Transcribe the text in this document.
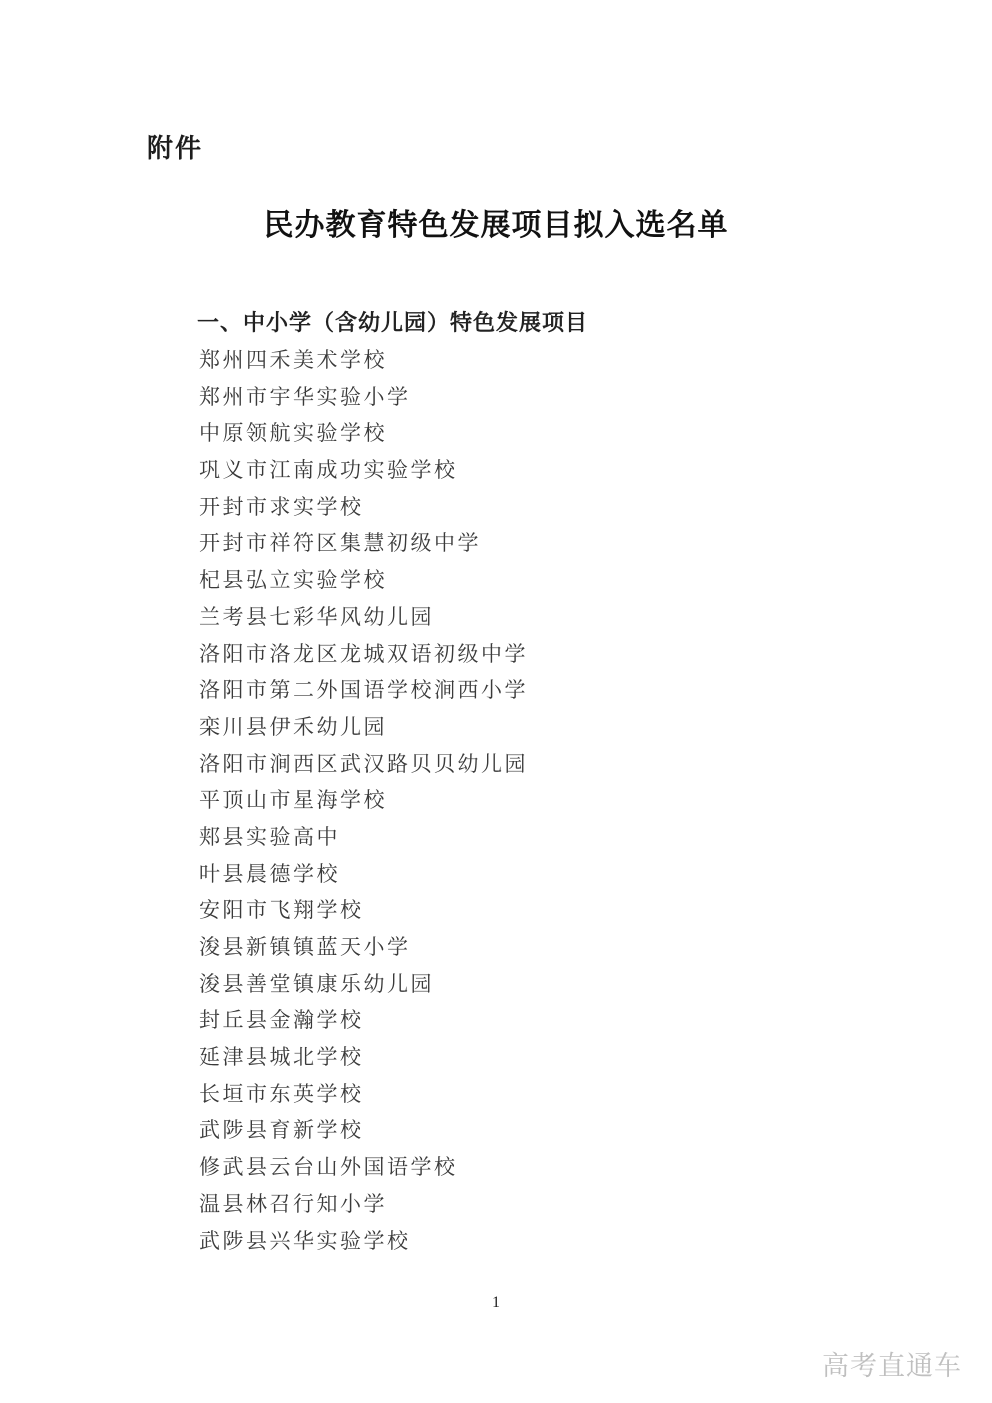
附件
民办教育特色发展项目拟入选名单
一、中小学（含幼儿园）特色发展项目
郑州四禾美术学校
郑州市宇华实验小学
中原领航实验学校
巩义市江南成功实验学校
开封市求实学校
开封市祥符区集慧初级中学
杞县弘立实验学校
兰考县七彩华风幼儿园
洛阳市洛龙区龙城双语初级中学
洛阳市第二外国语学校涧西小学
栾川县伊禾幼儿园
洛阳市涧西区武汉路贝贝幼儿园
平顶山市星海学校
郏县实验高中
叶县晨德学校
安阳市飞翔学校
浚县新镇镇蓝天小学
浚县善堂镇康乐幼儿园
封丘县金瀚学校
延津县城北学校
长垣市东英学校
武陟县育新学校
修武县云台山外国语学校
温县林召行知小学
武陟县兴华实验学校
1
高考直通车
